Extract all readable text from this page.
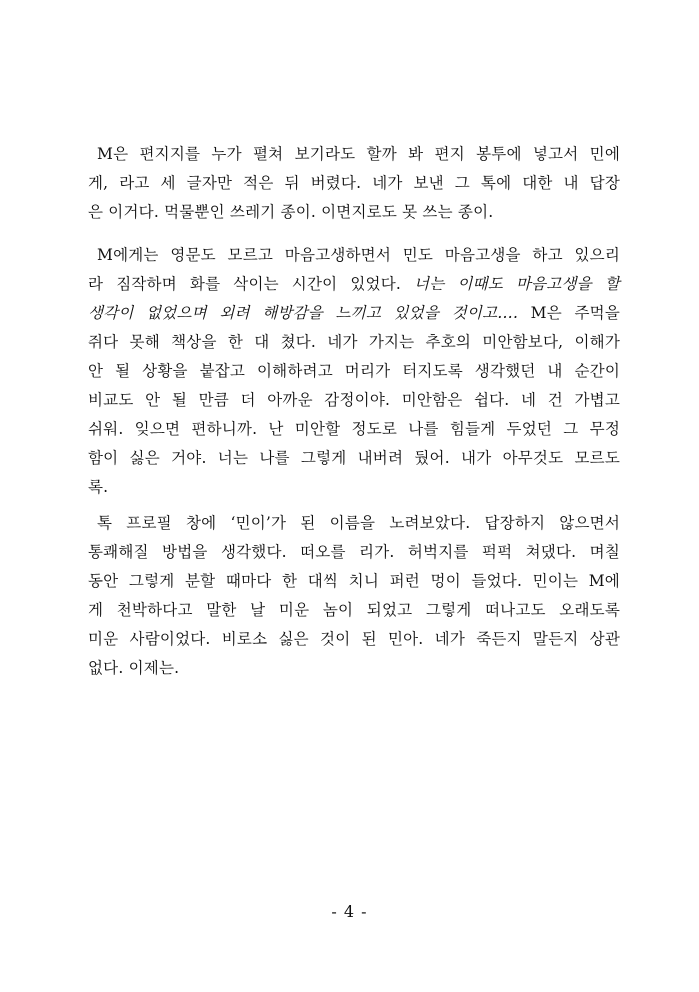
M은 편지지를 누가 펼쳐 보기라도 할까 봐 편지 봉투에 넣고서 민에
게, 라고 세 글자만 적은 뒤 버렸다. 네가 보낸 그 톡에 대한 내 답장
은 이거다. 먹물뿐인 쓰레기 종이. 이면지로도 못 쓰는 종이.
M에게는 영문도 모르고 마음고생하면서 민도 마음고생을 하고 있으리
라 짐작하며 화를 삭이는 시간이 있었다. 너는 이때도 마음고생을 할
생각이 없었으며 외려 해방감을 느끼고 있었을 것이고…. M은 주먹을
쥐다 못해 책상을 한 대 쳤다. 네가 가지는 추호의 미안함보다, 이해가
안 될 상황을 붙잡고 이해하려고 머리가 터지도록 생각했던 내 순간이
비교도 안 될 만큼 더 아까운 감정이야. 미안함은 쉽다. 네 건 가볍고
쉬워. 잊으면 편하니까. 난 미안할 정도로 나를 힘들게 두었던 그 무정
함이 싫은 거야. 너는 나를 그렇게 내버려 뒀어. 내가 아무것도 모르도
록.
톡 프로필 창에 ‘민이’가 된 이름을 노려보았다. 답장하지 않으면서
통쾌해질 방법을 생각했다. 떠오를 리가. 허벅지를 퍽퍽 쳐댔다. 며칠
동안 그렇게 분할 때마다 한 대씩 치니 퍼런 멍이 들었다. 민이는 M에
게 천박하다고 말한 날 미운 놈이 되었고 그렇게 떠나고도 오래도록
미운 사람이었다. 비로소 싫은 것이 된 민아. 네가 죽든지 말든지 상관
없다. 이제는.
- 4 -
